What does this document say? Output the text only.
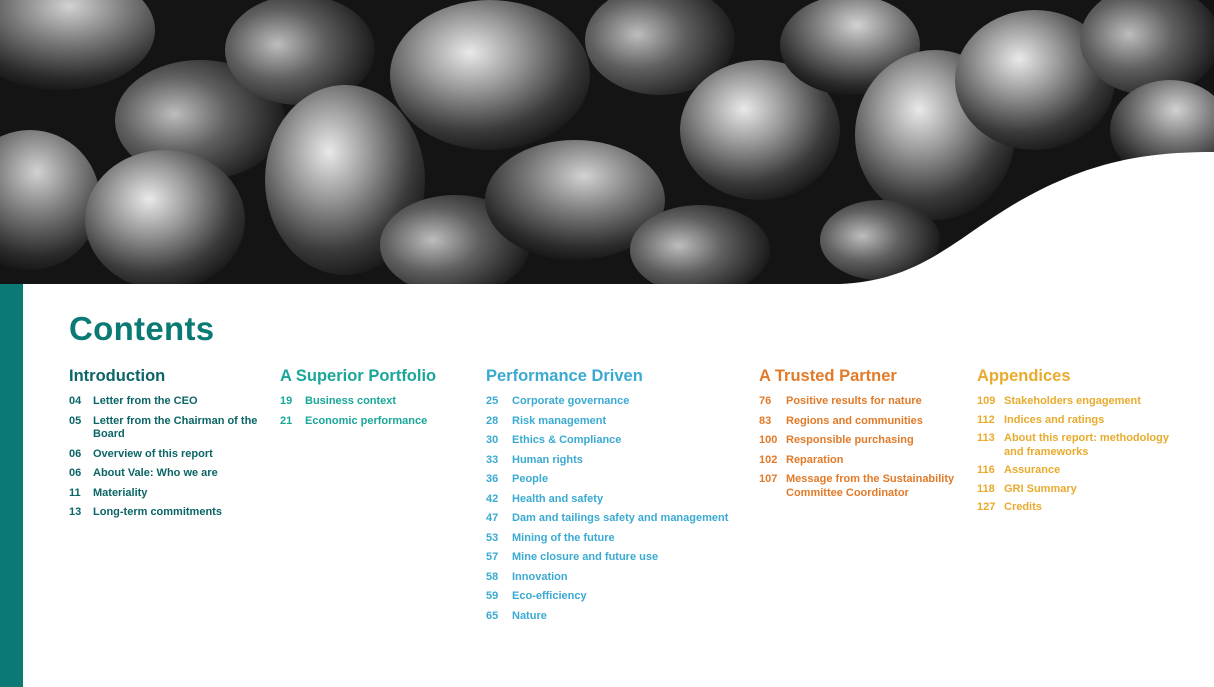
Contents
Introduction
04	Letter from the CEO
05	Letter from the Chairman of the Board
06	Overview of this report
06	About Vale: Who we are
11	Materiality
13	Long-term commitments
A Superior Portfolio
19	Business context
21	Economic performance
Performance Driven
25	Corporate governance
28	Risk management
30	Ethics & Compliance
33	Human rights
36	People
42	Health and safety
47	Dam and tailings safety and management
53	Mining of the future
57	Mine closure and future use
58	Innovation
59	Eco-efficiency
65	Nature
A Trusted Partner
76	Positive results for nature
83	Regions and communities
100 Responsible purchasing
102 Reparation
107 Message from the Sustainability Committee Coordinator
Appendices
109 Stakeholders engagement
112 Indices and ratings
113 About this report: methodology and frameworks
116 Assurance
118 GRI Summary
127 Credits
